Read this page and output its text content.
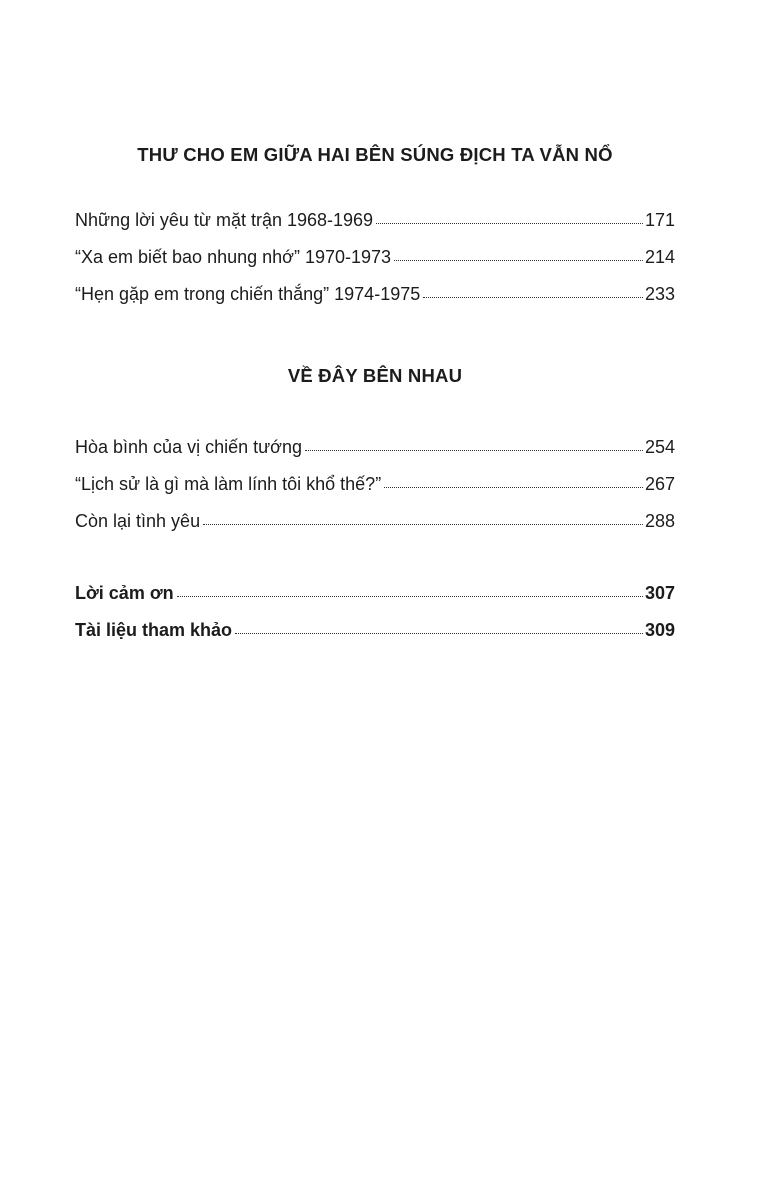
THƯ CHO EM GIỮA HAI BÊN SÚNG ĐỊCH TA VẪN NỔ
Những lời yêu từ mặt trận 1968-1969	171
“Xa em biết bao nhung nhớ” 1970-1973	214
“Hẹn gặp em trong chiến thắng” 1974-1975	233
VỀ ĐÂY BÊN NHAU
Hòa bình của vị chiến tướng	254
“Lịch sử là gì mà làm lính tôi khổ thế?”	267
Còn lại tình yêu	288
Lời cảm ơn	307
Tài liệu tham khảo	309
